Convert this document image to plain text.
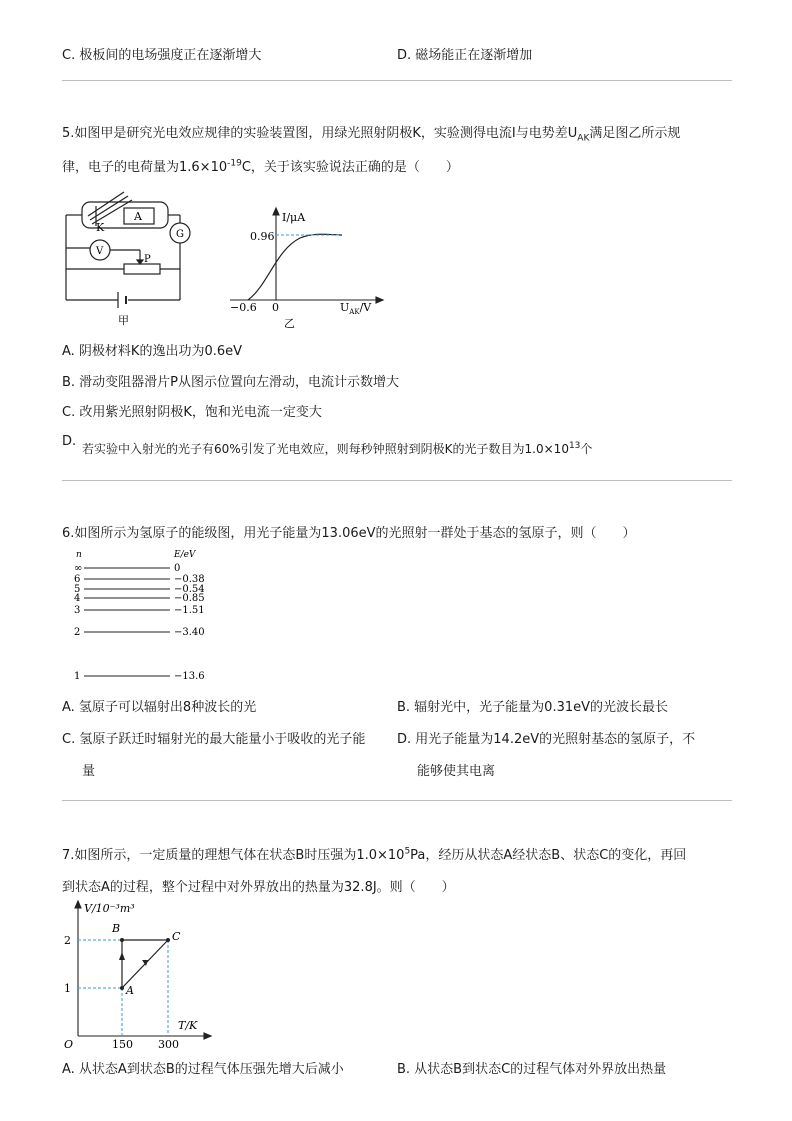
C. 极板间的电场强度正在逐渐增大	D. 磁场能正在逐渐增加
5.如图甲是研究光电效应规律的实验装置图，用绿光照射阴极K，实验测得电流Ⅰ与电势差$U_{AK}$满足图乙所示规
律，电子的电荷量为$1.6\times 10^{-19}C$，关于该实验说法正确的是（　　）
K
A
V
G
P
甲
I/μA
0.96
−0.6 0	$U_{AK}/V$
乙
A. 阴极材料K的逸出功为0.6eV
B. 滑动变阻器滑片P从图示位置向左滑动，电流计示数增大
C. 改用紫光照射阴极K，饱和光电流一定变大
D. 若实验中入射光的光子有60%引发了光电效应，则每秒钟照射到阴极K的光子数目为$1.0\times 10^{13}$个
6.如图所示为氢原子的能级图，用光子能量为13.06eV的光照射一群处于基态的氢原子，则（　　）
n	E/eV
∞	0
6	−0.38
5	−0.54
4	−0.85
3	−1.51
2	−3.40
1	−13.6
A. 氢原子可以辐射出8种波长的光	B. 辐射光中，光子能量为0.31eV的光波长最长
C. 氢原子跃迁时辐射光的最大能量小于吸收的光子能
量
D. 用光子能量为14.2eV的光照射基态的氢原子，不
能够使其电离
7.如图所示，一定质量的理想气体在状态B时压强为$1.0\times 10^5Pa$，经历从状态A经状态B、状态C的变化，再回
到状态A的过程，整个过程中对外界放出的热量为32.8J。则（　　）
V/10⁻³m³
T/K
O
2
1
150 300
B
C
A
A. 从状态A到状态B的过程气体压强先增大后减小	B. 从状态B到状态C的过程气体对外界放出热量
